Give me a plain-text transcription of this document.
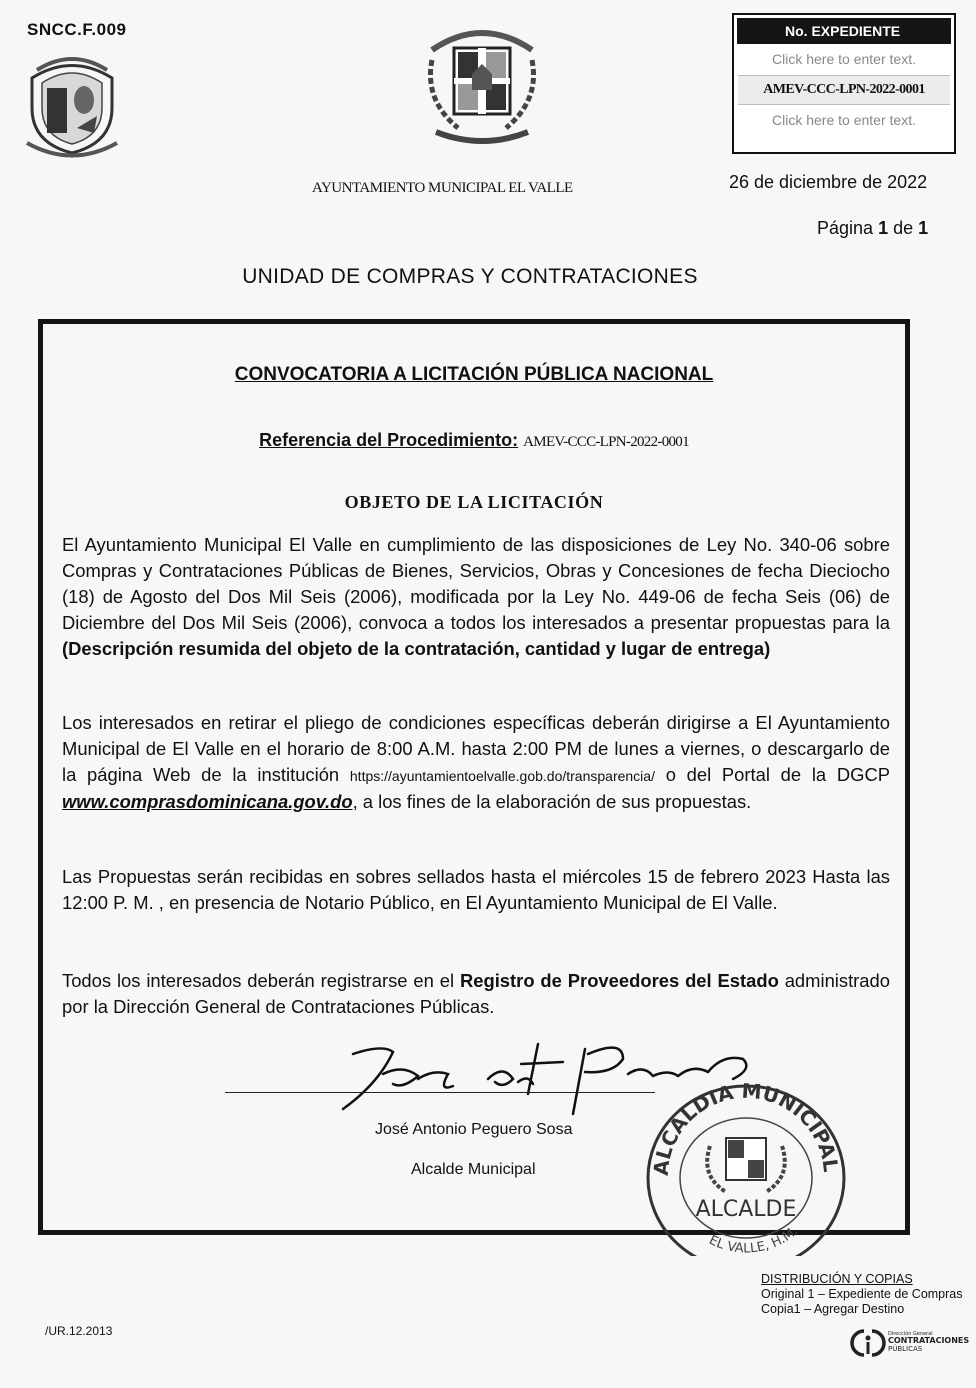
SNCC.F.009	No. EXPEDIENTE
Click here to enter text.
AMEV-CCC-LPN-2022-0001
Click here to enter text.
AYUNTAMIENTO MUNICIPAL EL VALLE	26 de diciembre de 2022
Página 1 de 1
UNIDAD DE COMPRAS Y CONTRATACIONES
CONVOCATORIA A LICITACIÓN PÚBLICA NACIONAL
Referencia del Procedimiento: AMEV-CCC-LPN-2022-0001
OBJETO DE LA LICITACIÓN
El Ayuntamiento Municipal El Valle en cumplimiento de las disposiciones de Ley No. 340-06 sobre Compras y Contrataciones Públicas de Bienes, Servicios, Obras y Concesiones de fecha Dieciocho (18) de Agosto del Dos Mil Seis (2006), modificada por la Ley No. 449-06 de fecha Seis (06) de Diciembre del Dos Mil Seis (2006), convoca a todos los interesados a presentar propuestas para la (Descripción resumida del objeto de la contratación, cantidad y lugar de entrega)
Los interesados en retirar el pliego de condiciones específicas deberán dirigirse a El Ayuntamiento Municipal de El Valle en el horario de 8:00 A.M. hasta 2:00 PM de lunes a viernes, o descargarlo de la página Web de la institución https://ayuntamientoelvalle.gob.do/transparencia/ o del Portal de la DGCP www.comprasdominicana.gov.do, a los fines de la elaboración de sus propuestas.
Las Propuestas serán recibidas en sobres sellados hasta el miércoles 15 de febrero 2023 Hasta las 12:00 P. M. , en presencia de Notario Público, en El Ayuntamiento Municipal de El Valle.
Todos los interesados deberán registrarse en el Registro de Proveedores del Estado administrado por la Dirección General de Contrataciones Públicas.
José Antonio Peguero Sosa
Alcalde Municipal	ALCALDIA MUNICIPAL
ALCALDE
EL VALLE, H.M.
DISTRIBUCIÓN Y COPIAS
Original 1 – Expediente de Compras
Copia1 – Agregar Destino
/UR.12.2013	Dirección General
CONTRATACIONES
PÚBLICAS
